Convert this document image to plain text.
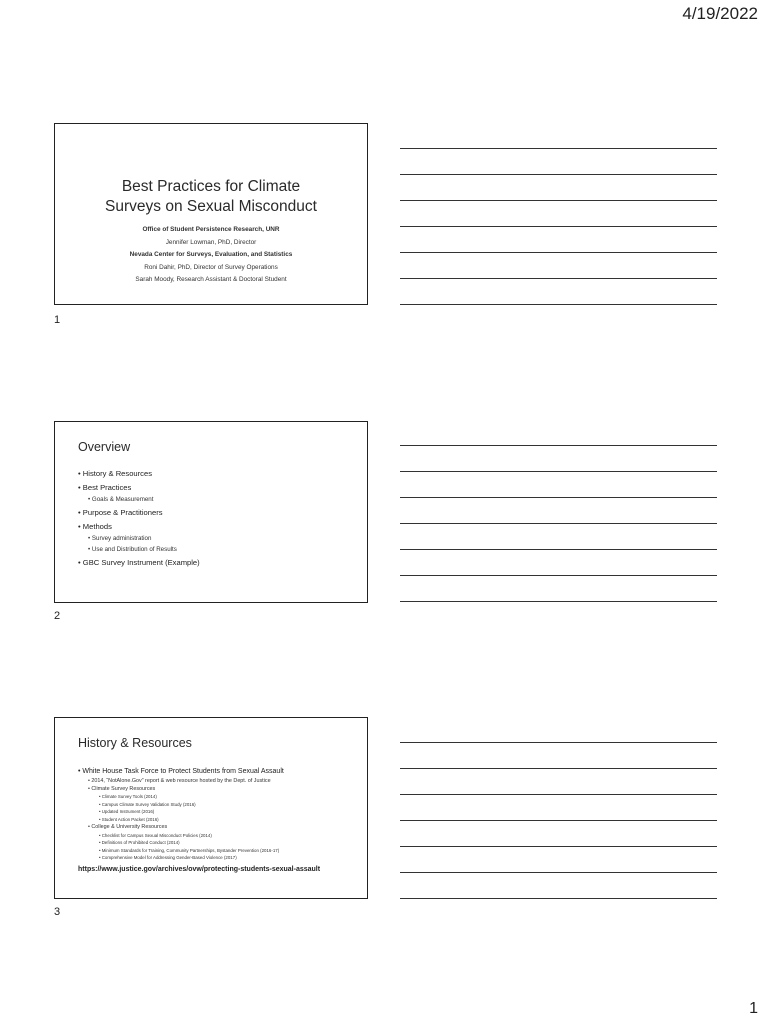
4/19/2022
Best Practices for Climate
Surveys on Sexual Misconduct
Office of Student Persistence Research, UNR
Jennifer Lowman, PhD, Director
Nevada Center for Surveys, Evaluation, and Statistics
Roni Dahir, PhD, Director of Survey Operations
Sarah Moody, Research Assistant & Doctoral Student
1
Overview
• History & Resources
• Best Practices
• Goals & Measurement
• Purpose & Practitioners
• Methods
• Survey administration
• Use and Distribution of Results
• GBC Survey Instrument (Example)
2
History & Resources
• White House Task Force to Protect Students from Sexual Assault
• 2014, “NotAlone.Gov” report & web resource hosted by the Dept. of Justice
• Climate Survey Resources
• Climate Survey Tools (2014)
• Campus Climate Survey Validation Study (2016)
• Updated Instrument (2016)
• Student Action Packet (2016)
• College & University Resources
• Checklist for Campus Sexual Misconduct Policies (2014)
• Definitions of Prohibited Conduct (2014)
• Minimum Standards for Training, Community Partnerships, Bystander Prevention (2016-17)
• Comprehensive Model for Addressing Gender-Based Violence (2017)
https://www.justice.gov/archives/ovw/protecting-students-sexual-assault
3
1
